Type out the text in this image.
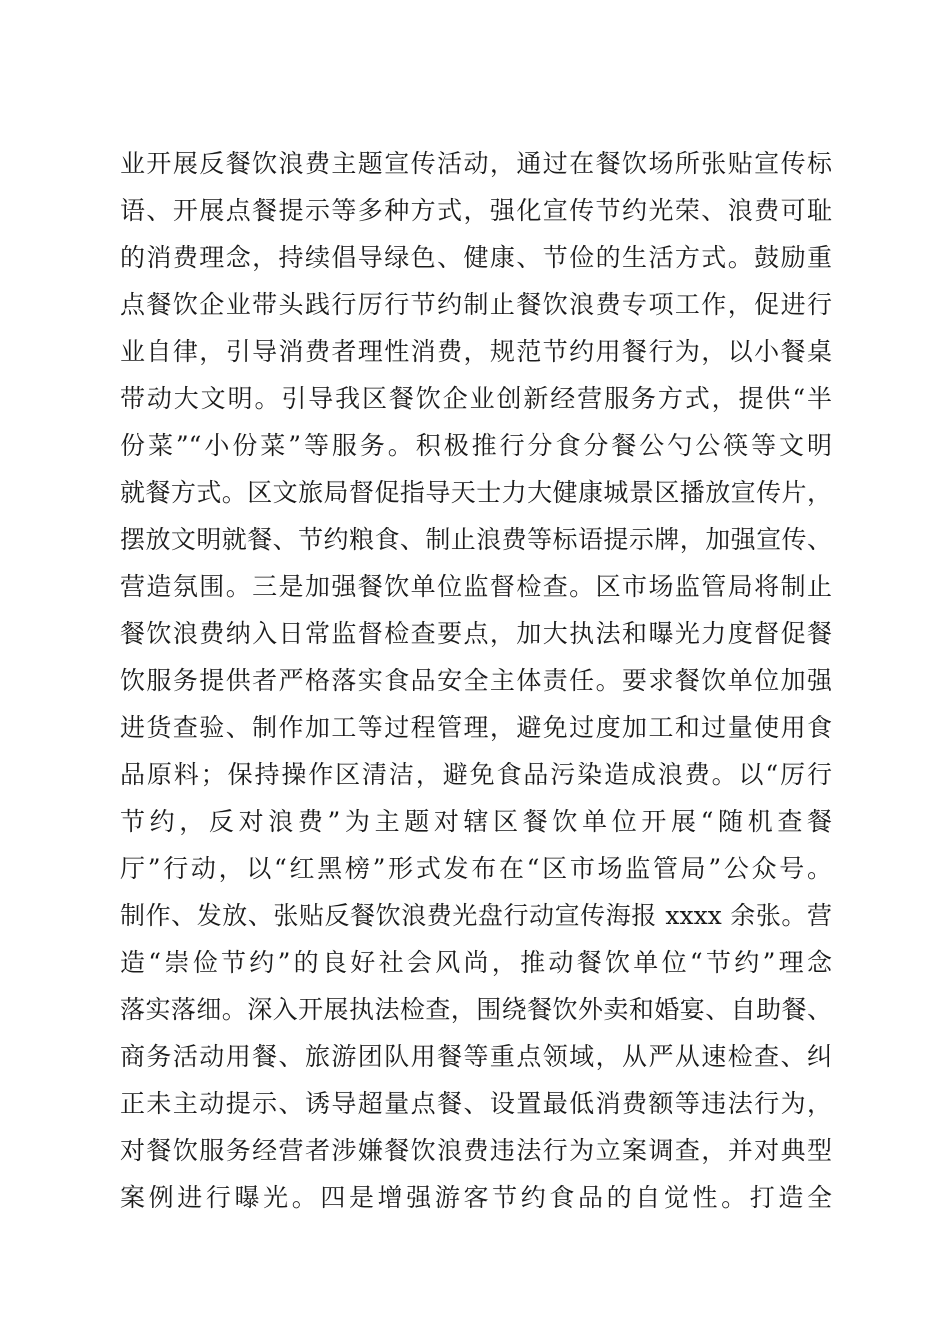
业开展反餐饮浪费主题宣传活动，通过在餐饮场所张贴宣传标
语、开展点餐提示等多种方式，强化宣传节约光荣、浪费可耻
的消费理念，持续倡导绿色、健康、节俭的生活方式。鼓励重
点餐饮企业带头践行厉行节约制止餐饮浪费专项工作，促进行
业自律，引导消费者理性消费，规范节约用餐行为，以小餐桌
带动大文明。引导我区餐饮企业创新经营服务方式，提供“半
份菜”“小份菜”等服务。积极推行分食分餐公勺公筷等文明
就餐方式。区文旅局督促指导天士力大健康城景区播放宣传片，
摆放文明就餐、节约粮食、制止浪费等标语提示牌，加强宣传、
营造氛围。三是加强餐饮单位监督检查。区市场监管局将制止
餐饮浪费纳入日常监督检查要点，加大执法和曝光力度督促餐
饮服务提供者严格落实食品安全主体责任。要求餐饮单位加强
进货查验、制作加工等过程管理，避免过度加工和过量使用食
品原料；保持操作区清洁，避免食品污染造成浪费。以“厉行
节约，反对浪费”为主题对辖区餐饮单位开展“随机查餐
厅”行动，以“红黑榜”形式发布在“区市场监管局”公众号。
制作、发放、张贴反餐饮浪费光盘行动宣传海报 xxxx 余张。营
造“崇俭节约”的良好社会风尚，推动餐饮单位“节约”理念
落实落细。深入开展执法检查，围绕餐饮外卖和婚宴、自助餐、
商务活动用餐、旅游团队用餐等重点领域，从严从速检查、纠
正未主动提示、诱导超量点餐、设置最低消费额等违法行为，
对餐饮服务经营者涉嫌餐饮浪费违法行为立案调查，并对典型
案例进行曝光。四是增强游客节约食品的自觉性。打造全
